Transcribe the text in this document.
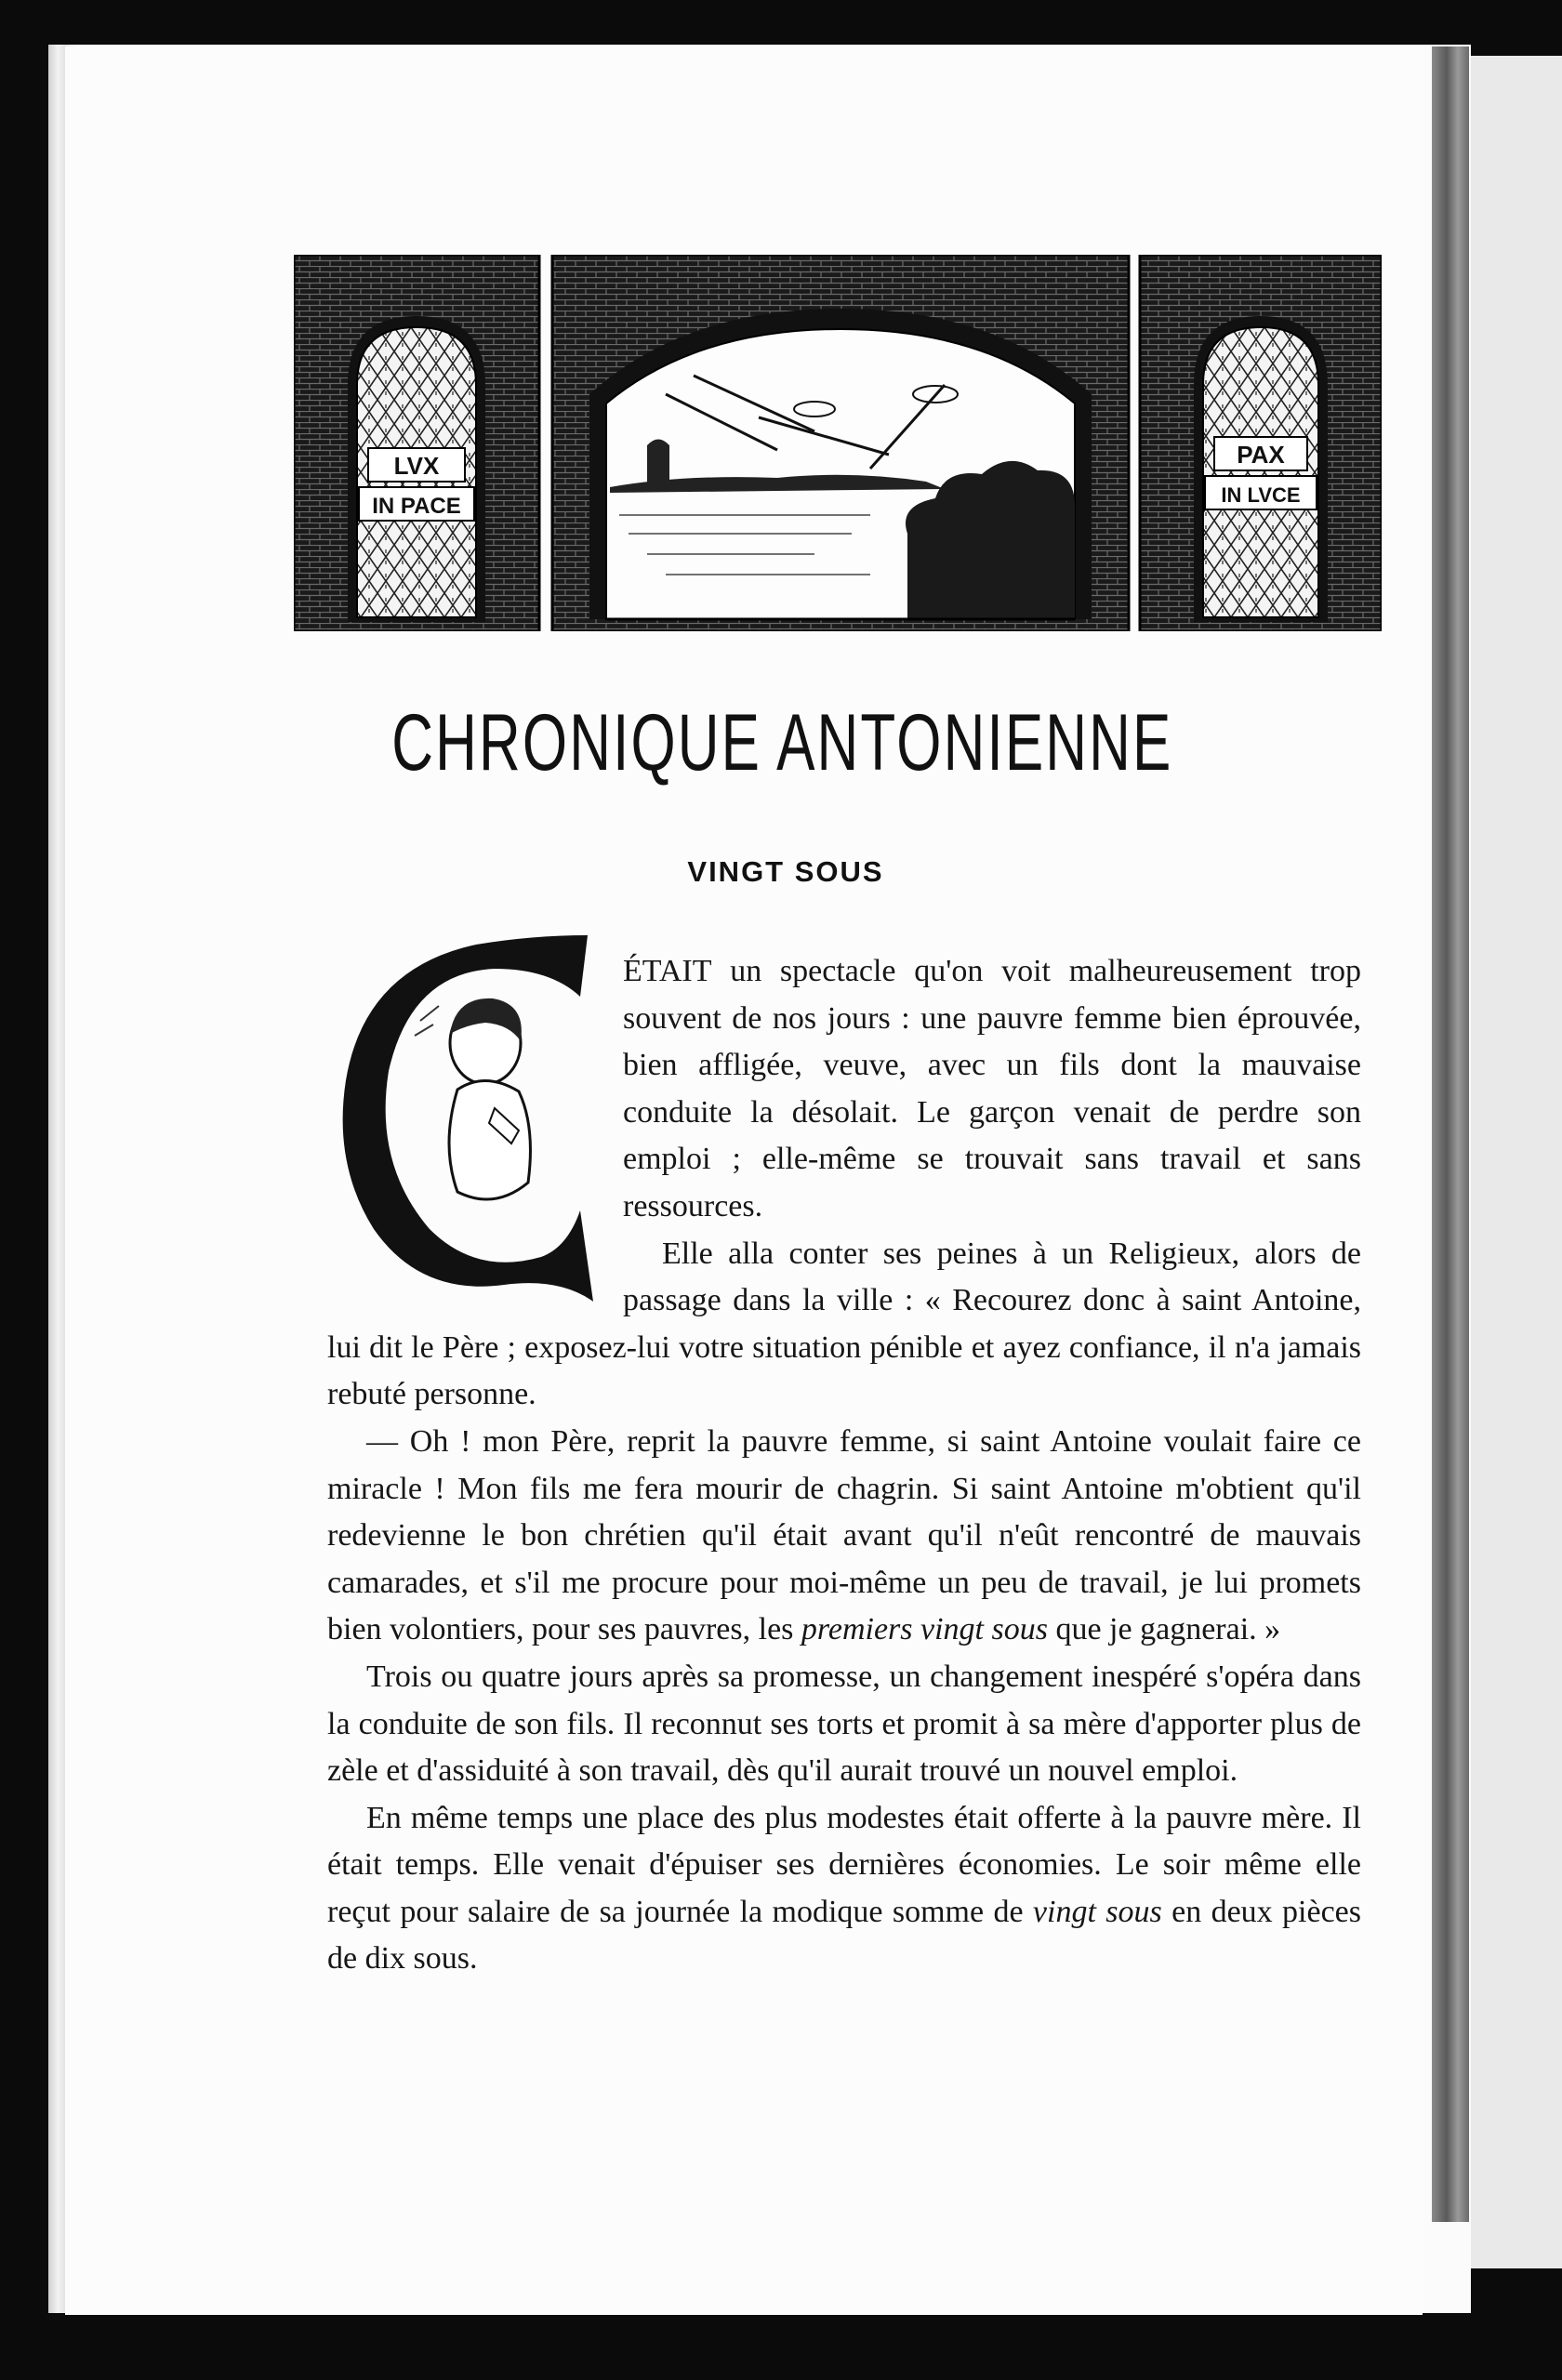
LVX
IN PACE
PAX
IN LVCE
CHRONIQUE ANTONIENNE
VINGT SOUS

ÉTAIT un spectacle qu'on voit malheureusement trop souvent de nos jours : une pauvre femme bien éprouvée, bien affligée, veuve, avec un fils dont la mauvaise conduite la désolait. Le garçon venait de perdre son emploi ; elle-même se trouvait sans travail et sans ressources.

Elle alla conter ses peines à un Religieux, alors de passage dans la ville : « Recourez donc à saint Antoine, lui dit le Père ; exposez-lui votre situation pénible et ayez confiance, il n'a jamais rebuté personne.

— Oh ! mon Père, reprit la pauvre femme, si saint Antoine voulait faire ce miracle ! Mon fils me fera mourir de chagrin. Si saint Antoine m'obtient qu'il redevienne le bon chrétien qu'il était avant qu'il n'eût rencontré de mauvais camarades, et s'il me procure pour moi-même un peu de travail, je lui promets bien volontiers, pour ses pauvres, les premiers vingt sous que je gagnerai. »

Trois ou quatre jours après sa promesse, un changement inespéré s'opéra dans la conduite de son fils. Il reconnut ses torts et promit à sa mère d'apporter plus de zèle et d'assiduité à son travail, dès qu'il aurait trouvé un nouvel emploi.

En même temps une place des plus modestes était offerte à la pauvre mère. Il était temps. Elle venait d'épuiser ses dernières économies. Le soir même elle reçut pour salaire de sa journée la modique somme de vingt sous en deux pièces de dix sous.
